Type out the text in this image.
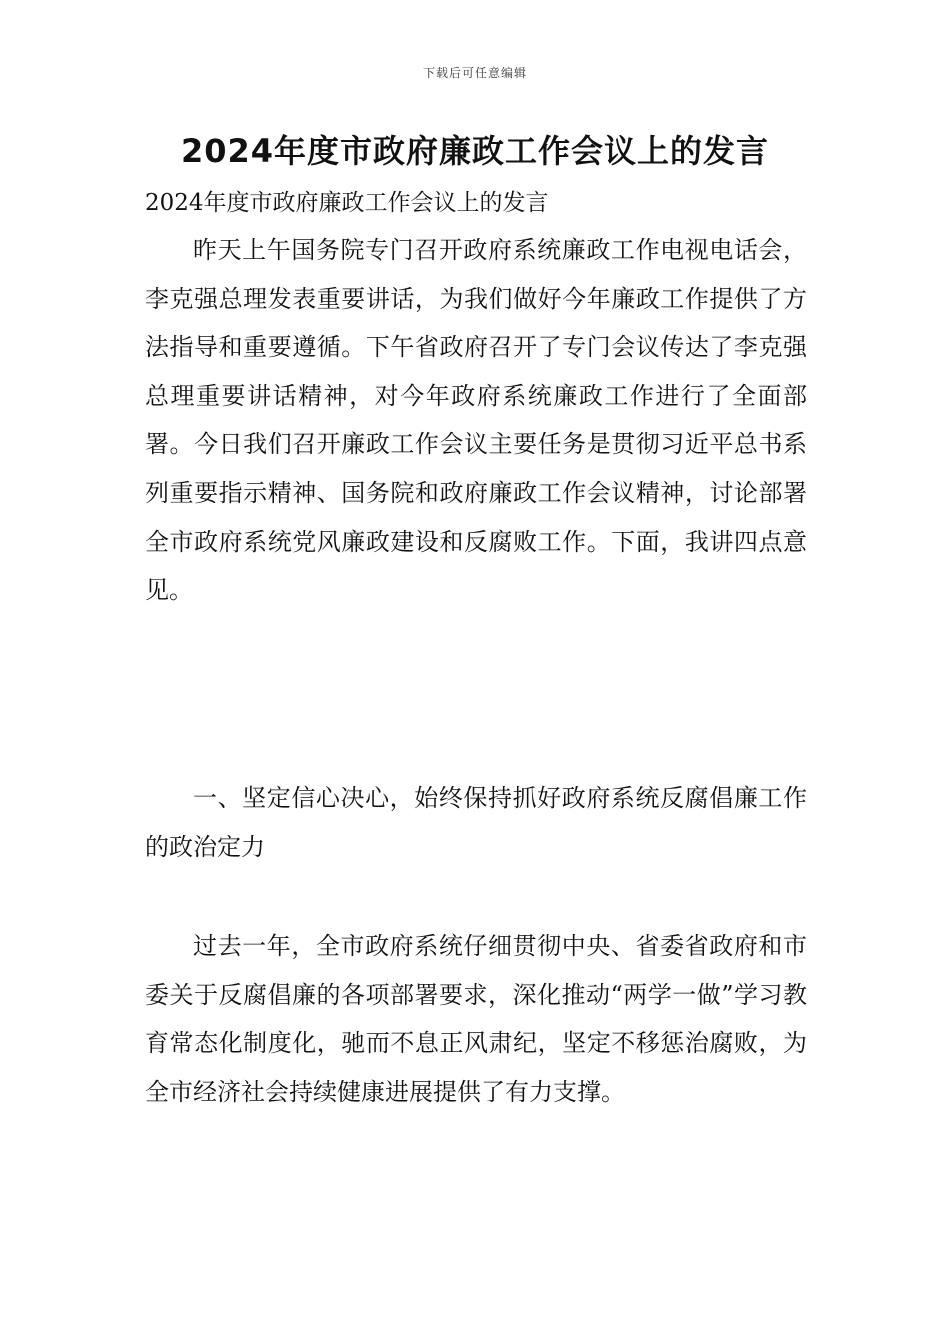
下载后可任意编辑
2024年度市政府廉政工作会议上的发言

2024年度市政府廉政工作会议上的发言

昨天上午国务院专门召开政府系统廉政工作电视电话会，李克强总理发表重要讲话，为我们做好今年廉政工作提供了方法指导和重要遵循。下午省政府召开了专门会议传达了李克强总理重要讲话精神，对今年政府系统廉政工作进行了全面部署。今日我们召开廉政工作会议主要任务是贯彻习近平总书系列重要指示精神、国务院和政府廉政工作会议精神，讨论部署全市政府系统党风廉政建设和反腐败工作。下面，我讲四点意见。

一、坚定信心决心，始终保持抓好政府系统反腐倡廉工作的政治定力

过去一年，全市政府系统仔细贯彻中央、省委省政府和市委关于反腐倡廉的各项部署要求，深化推动“两学一做”学习教育常态化制度化，驰而不息正风肃纪，坚定不移惩治腐败，为全市经济社会持续健康进展提供了有力支撑。
